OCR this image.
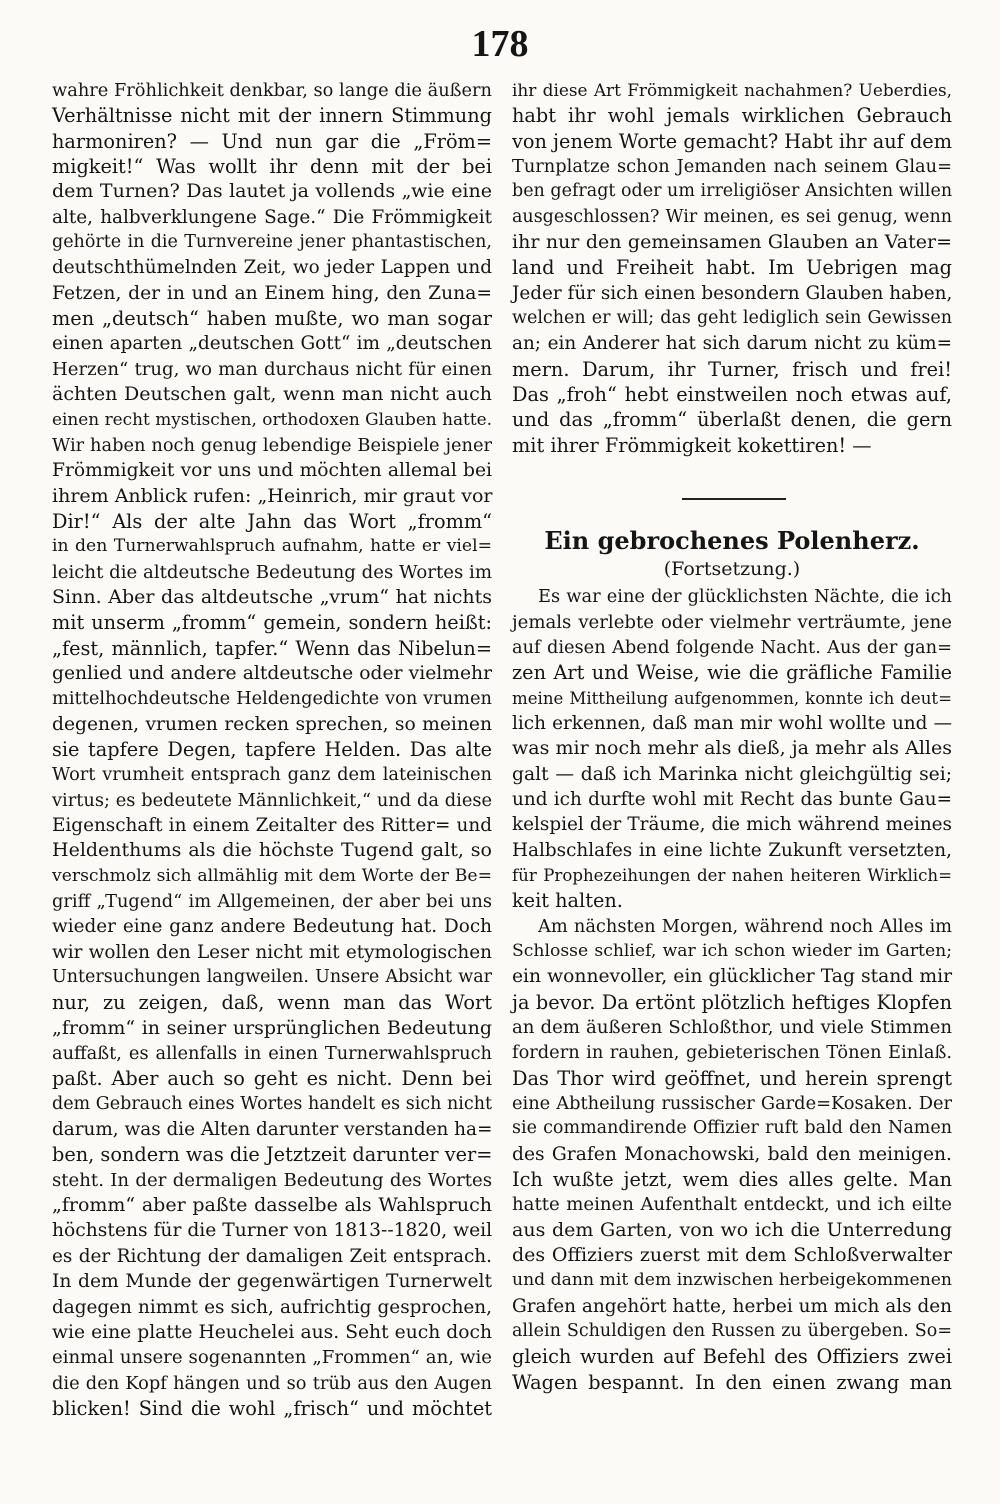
178
wahre Fröhlichkeit denkbar, so lange die äußern
Verhältnisse nicht mit der innern Stimmung
harmoniren? — Und nun gar die „Fröm=
migkeit!“ Was wollt ihr denn mit der bei
dem Turnen? Das lautet ja vollends „wie eine
alte, halbverklungene Sage.“ Die Frömmigkeit
gehörte in die Turnvereine jener phantastischen,
deutschthümelnden Zeit, wo jeder Lappen und
Fetzen, der in und an Einem hing, den Zuna=
men „deutsch“ haben mußte, wo man sogar
einen aparten „deutschen Gott“ im „deutschen
Herzen“ trug, wo man durchaus nicht für einen
ächten Deutschen galt, wenn man nicht auch
einen recht mystischen, orthodoxen Glauben hatte.
Wir haben noch genug lebendige Beispiele jener
Frömmigkeit vor uns und möchten allemal bei
ihrem Anblick rufen: „Heinrich, mir graut vor
Dir!“ Als der alte Jahn das Wort „fromm“
in den Turnerwahlspruch aufnahm, hatte er viel=
leicht die altdeutsche Bedeutung des Wortes im
Sinn. Aber das altdeutsche „vrum“ hat nichts
mit unserm „fromm“ gemein, sondern heißt:
„fest, männlich, tapfer.“ Wenn das Nibelun=
genlied und andere altdeutsche oder vielmehr
mittelhochdeutsche Heldengedichte von vrumen
degenen, vrumen recken sprechen, so meinen
sie tapfere Degen, tapfere Helden. Das alte
Wort vrumheit entsprach ganz dem lateinischen
virtus; es bedeutete Männlichkeit,“ und da diese
Eigenschaft in einem Zeitalter des Ritter= und
Heldenthums als die höchste Tugend galt, so
verschmolz sich allmählig mit dem Worte der Be=
griff „Tugend“ im Allgemeinen, der aber bei uns
wieder eine ganz andere Bedeutung hat. Doch
wir wollen den Leser nicht mit etymologischen
Untersuchungen langweilen. Unsere Absicht war
nur, zu zeigen, daß, wenn man das Wort
„fromm“ in seiner ursprünglichen Bedeutung
auffaßt, es allenfalls in einen Turnerwahlspruch
paßt. Aber auch so geht es nicht. Denn bei
dem Gebrauch eines Wortes handelt es sich nicht
darum, was die Alten darunter verstanden ha=
ben, sondern was die Jetztzeit darunter ver=
steht. In der dermaligen Bedeutung des Wortes
„fromm“ aber paßte dasselbe als Wahlspruch
höchstens für die Turner von 1813--1820, weil
es der Richtung der damaligen Zeit entsprach.
In dem Munde der gegenwärtigen Turnerwelt
dagegen nimmt es sich, aufrichtig gesprochen,
wie eine platte Heuchelei aus. Seht euch doch
einmal unsere sogenannten „Frommen“ an, wie
die den Kopf hängen und so trüb aus den Augen
blicken! Sind die wohl „frisch“ und möchtet
ihr diese Art Frömmigkeit nachahmen? Ueberdies,
habt ihr wohl jemals wirklichen Gebrauch
von jenem Worte gemacht? Habt ihr auf dem
Turnplatze schon Jemanden nach seinem Glau=
ben gefragt oder um irreligiöser Ansichten willen
ausgeschlossen? Wir meinen, es sei genug, wenn
ihr nur den gemeinsamen Glauben an Vater=
land und Freiheit habt. Im Uebrigen mag
Jeder für sich einen besondern Glauben haben,
welchen er will; das geht lediglich sein Gewissen
an; ein Anderer hat sich darum nicht zu küm=
mern. Darum, ihr Turner, frisch und frei!
Das „froh“ hebt einstweilen noch etwas auf,
und das „fromm“ überlaßt denen, die gern
mit ihrer Frömmigkeit kokettiren! —
Ein gebrochenes Polenherz.
(Fortsetzung.)
Es war eine der glücklichsten Nächte, die ich
jemals verlebte oder vielmehr verträumte, jene
auf diesen Abend folgende Nacht. Aus der gan=
zen Art und Weise, wie die gräfliche Familie
meine Mittheilung aufgenommen, konnte ich deut=
lich erkennen, daß man mir wohl wollte und —
was mir noch mehr als dieß, ja mehr als Alles
galt — daß ich Marinka nicht gleichgültig sei;
und ich durfte wohl mit Recht das bunte Gau=
kelspiel der Träume, die mich während meines
Halbschlafes in eine lichte Zukunft versetzten,
für Prophezeihungen der nahen heiteren Wirklich=
keit halten.
Am nächsten Morgen, während noch Alles im
Schlosse schlief, war ich schon wieder im Garten;
ein wonnevoller, ein glücklicher Tag stand mir
ja bevor. Da ertönt plötzlich heftiges Klopfen
an dem äußeren Schloßthor, und viele Stimmen
fordern in rauhen, gebieterischen Tönen Einlaß.
Das Thor wird geöffnet, und herein sprengt
eine Abtheilung russischer Garde=Kosaken. Der
sie commandirende Offizier ruft bald den Namen
des Grafen Monachowski, bald den meinigen.
Ich wußte jetzt, wem dies alles gelte. Man
hatte meinen Aufenthalt entdeckt, und ich eilte
aus dem Garten, von wo ich die Unterredung
des Offiziers zuerst mit dem Schloßverwalter
und dann mit dem inzwischen herbeigekommenen
Grafen angehört hatte, herbei um mich als den
allein Schuldigen den Russen zu übergeben. So=
gleich wurden auf Befehl des Offiziers zwei
Wagen bespannt. In den einen zwang man
